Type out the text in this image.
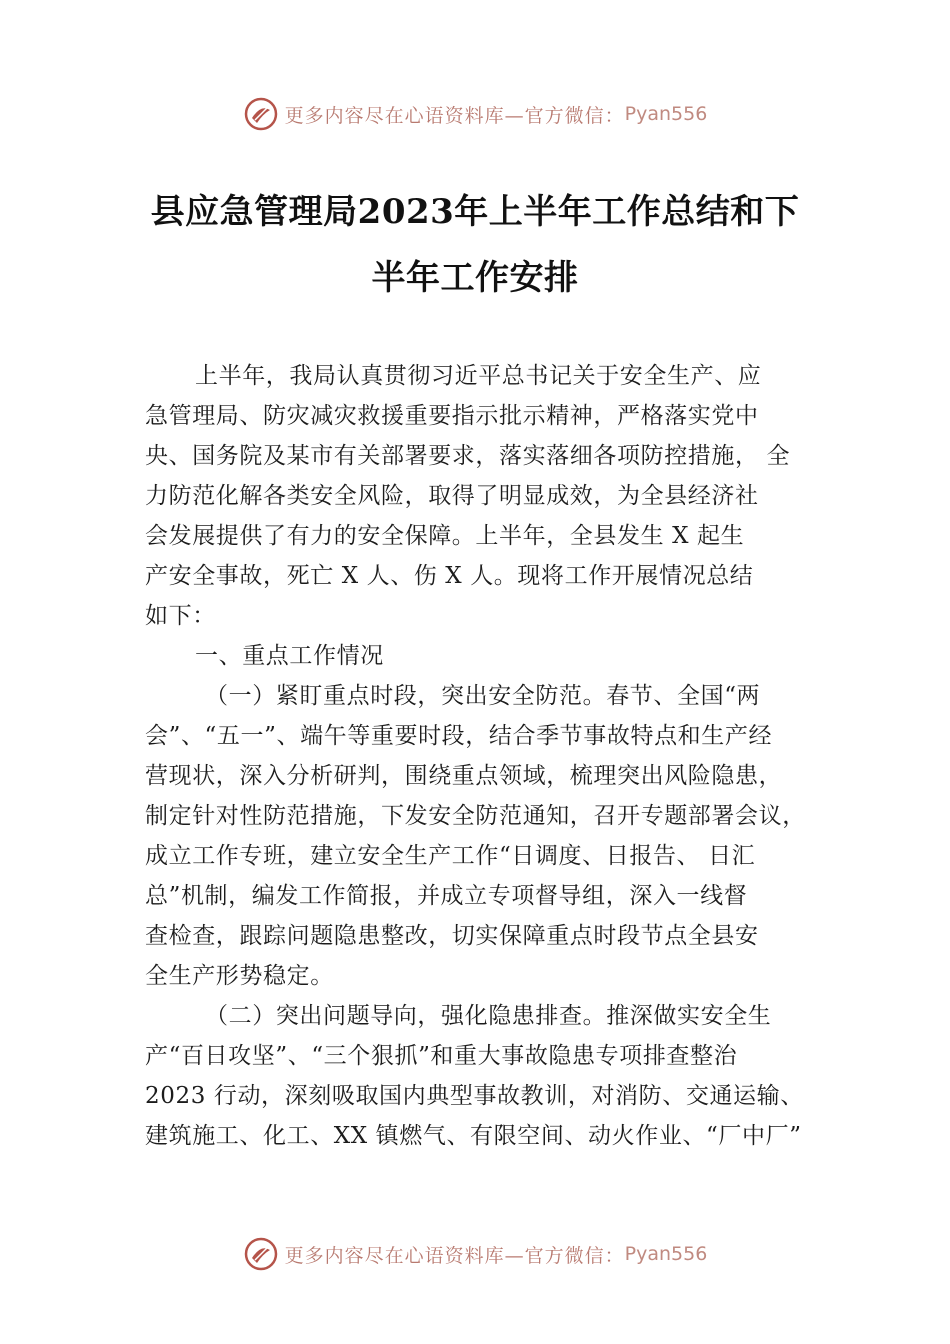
更多内容尽在心语资料库—官方微信： Pyan556
县应急管理局2023年上半年工作总结和下
半年工作安排
上半年，我局认真贯彻习近平总书记关于安全生产、应
急管理局、防灾减灾救援重要指示批示精神，严格落实党中
央、国务院及某市有关部署要求，落实落细各项防控措施， 全
力防范化解各类安全风险，取得了明显成效，为全县经济社
会发展提供了有力的安全保障。上半年，全县发生 X 起生
产安全事故，死亡 X 人、伤 X 人。现将工作开展情况总结
如下：
一、重点工作情况
（一）紧盯重点时段，突出安全防范。春节、全国“两
会”、“五一”、端午等重要时段，结合季节事故特点和生产经
营现状，深入分析研判，围绕重点领域，梳理突出风险隐患，
制定针对性防范措施，下发安全防范通知，召开专题部署会议，
成立工作专班，建立安全生产工作“日调度、日报告、 日汇
总”机制，编发工作简报，并成立专项督导组，深入一线督
查检查，跟踪问题隐患整改，切实保障重点时段节点全县安
全生产形势稳定。
（二）突出问题导向，强化隐患排查。推深做实安全生
产“百日攻坚”、“三个狠抓”和重大事故隐患专项排查整治
2023 行动，深刻吸取国内典型事故教训，对消防、交通运输、
建筑施工、化工、XX 镇燃气、有限空间、动火作业、“厂中厂”
更多内容尽在心语资料库—官方微信： Pyan556
